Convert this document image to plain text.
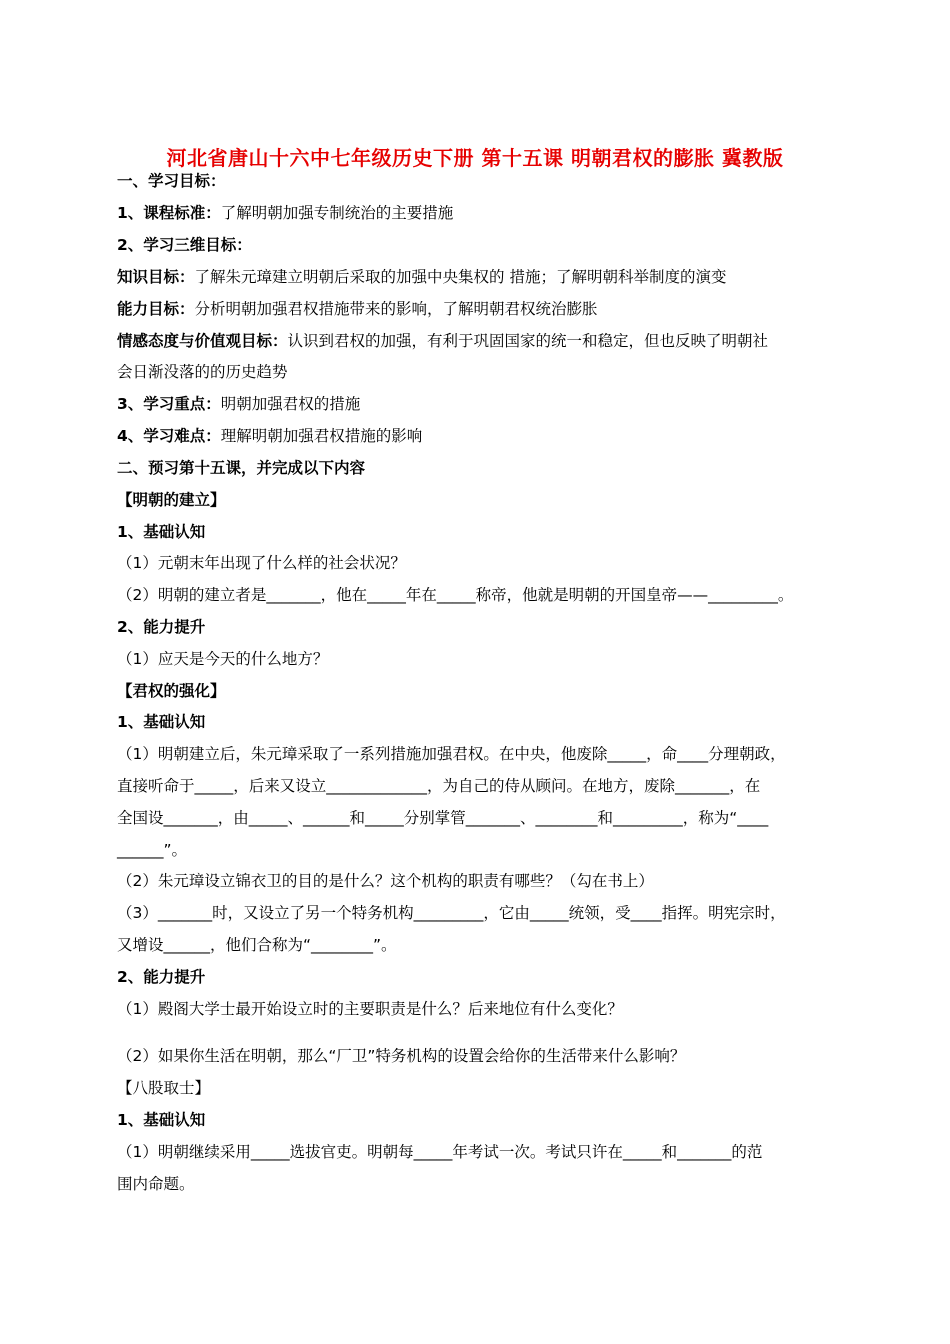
河北省唐山十六中七年级历史下册 第十五课 明朝君权的膨胀 冀教版
一、学习目标：
1、课程标准：了解明朝加强专制统治的主要措施
2、学习三维目标：
知识目标：了解朱元璋建立明朝后采取的加强中央集权的 措施；了解明朝科举制度的演变
能力目标：分析明朝加强君权措施带来的影响，了解明朝君权统治膨胀
情感态度与价值观目标：认识到君权的加强，有利于巩固国家的统一和稳定，但也反映了明朝社
会日渐没落的的历史趋势
3、学习重点：明朝加强君权的措施
4、学习难点：理解明朝加强君权措施的影响
二、预习第十五课，并完成以下内容
【明朝的建立】
1、基础认知
（1）元朝末年出现了什么样的社会状况？
（2）明朝的建立者是_______，他在_____年在_____称帝，他就是明朝的开国皇帝——_________。
2、能力提升
（1）应天是今天的什么地方？
【君权的强化】
1、基础认知
（1）明朝建立后，朱元璋采取了一系列措施加强君权。在中央，他废除_____，命____分理朝政，
直接听命于_____，后来又设立_____________，为自己的侍从顾问。在地方，废除_______，在
全国设_______，由_____、______和_____分别掌管_______、________和_________，称为“____
______”。
（2）朱元璋设立锦衣卫的目的是什么？这个机构的职责有哪些？（勾在书上）
（3）_______时，又设立了另一个特务机构_________，它由_____统领，受____指挥。明宪宗时，
又增设______，他们合称为“________”。
2、能力提升
（1）殿阁大学士最开始设立时的主要职责是什么？后来地位有什么变化？
（2）如果你生活在明朝，那么“厂卫”特务机构的设置会给你的生活带来什么影响？
【八股取士】
1、基础认知
（1）明朝继续采用_____选拔官吏。明朝每_____年考试一次。考试只许在_____和_______的范
围内命题。
